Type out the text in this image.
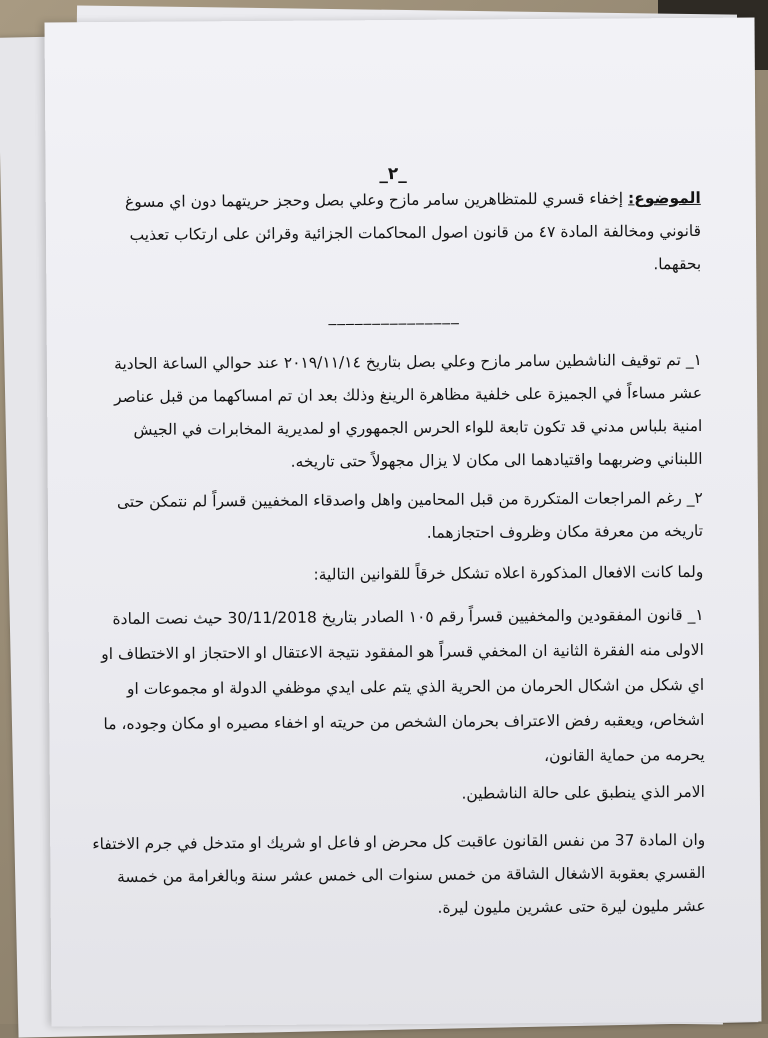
_٢_
الموضوع: إخفاء قسري للمتظاهرين سامر مازح وعلي بصل وحجز حريتهما دون اي مسوغ قانوني ومخالفة المادة ٤٧ من قانون اصول المحاكمات الجزائية وقرائن على ارتكاب تعذيب بحقهما.
_______________

١_ تم توقيف الناشطين سامر مازح وعلي بصل بتاريخ ٢٠١٩/١١/١٤ عند حوالي الساعة الحادية عشر مساءاً في الجميزة على خلفية مظاهرة الرينغ وذلك بعد ان تم امساكهما من قبل عناصر امنية بلباس مدني قد تكون تابعة للواء الحرس الجمهوري او لمديرية المخابرات في الجيش اللبناني وضربهما واقتيادهما الى مكان لا يزال مجهولاً حتى تاريخه.

٢_ رغم المراجعات المتكررة من قبل المحامين واهل واصدقاء المخفيين قسراً لم نتمكن حتى تاريخه من معرفة مكان وظروف احتجازهما.

ولما كانت الافعال المذكورة اعلاه تشكل خرقاً للقوانين التالية:

١_ قانون المفقودين والمخفيين قسراً رقم ١٠٥ الصادر بتاريخ 30/11/2018 حيث نصت المادة الاولى منه الفقرة الثانية ان المخفي قسراً هو المفقود نتيجة الاعتقال او الاحتجاز او الاختطاف او اي شكل من اشكال الحرمان من الحرية الذي يتم على ايدي موظفي الدولة او مجموعات او اشخاص، ويعقبه رفض الاعتراف بحرمان الشخص من حريته او اخفاء مصيره او مكان وجوده، ما يحرمه من حماية القانون،

الامر الذي ينطبق على حالة الناشطين.

وان المادة 37 من نفس القانون عاقبت كل محرض او فاعل او شريك او متدخل في جرم الاختفاء القسري بعقوبة الاشغال الشاقة من خمس سنوات الى خمس عشر سنة وبالغرامة من خمسة عشر مليون ليرة حتى عشرين مليون ليرة.
